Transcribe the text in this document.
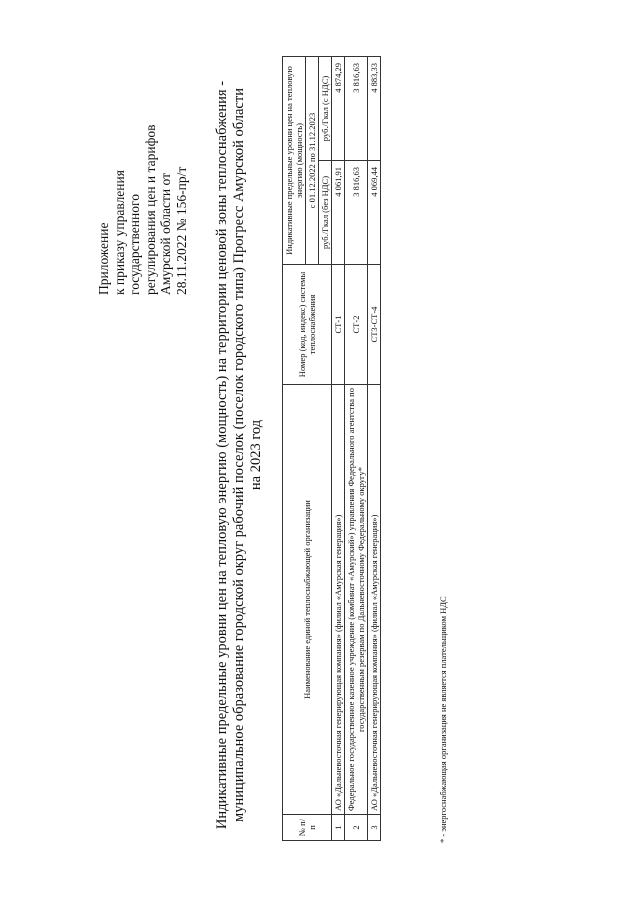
Приложение к приказу управления государственного регулирования цен и тарифов Амурской области от 28.11.2022 № 156-пр/т Индикативные предельные уровни цен на тепловую энергию (мощность) на территории ценовой зоны теплоснабжения - муниципальное образование городской округ рабочий поселок (поселок городского типа) Прогресс Амурской области на 2023 год
№ п/п	Наименование единой теплоснабжающей организации	Номер (код, индекс) системы теплоснабжения	Индикативные предельные уровни цен на тепловую энергию (мощность)	
			с 01.12.2022 по 31.12.2023	
			руб./Гкал (без НДС)	руб./Гкал (с НДС)
1	АО «Дальневосточная генерирующая компания» (филиал «Амурская генерация»)	СТ-1	4 061,91	4 874,29
2	Федеральное государственное казенное учреждение (комбинат «Амурский») управления Федерального агентства по государственным резервам по Дальневосточному Федеральному округу*	СТ-2	3 816,63	3 816,63
3	АО «Дальневосточная генерирующая компания» (филиал «Амурская генерация»)	СТ3-СТ-4	4 069,44	4 883,33
* - энергоснабжающая организация не является плательщиком НДС
